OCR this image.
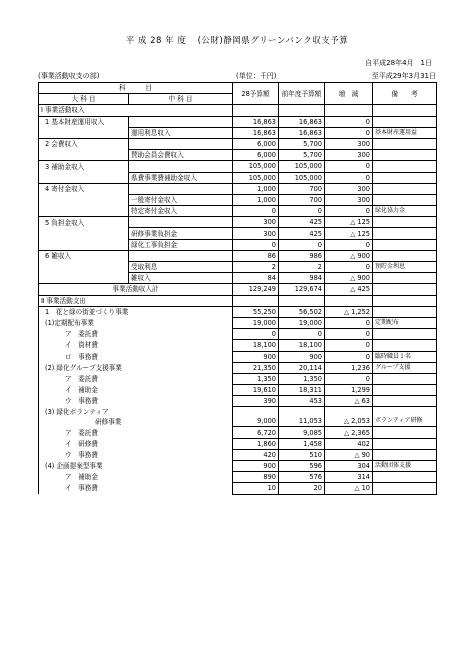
平 成 28 年 度 (公財)静岡県グリーンバンク収支予算
自平成28年4月　1日
(事業活動収支の部)	(単位：千円)	至平成29年3月31日
科　　　目		28予算額	前年度予算額	増　減	備　　考
大 科 目	中 科 目				
Ⅰ 事業活動収入					
1 基本財産運用収入		16,863	16,863	0	
	運用利息収入	16,863	16,863	0	基本財産運用益
2 会費収入		6,000	5,700	300	
	賛助会員会費収入	6,000	5,700	300	
3 補助金収入		105,000	105,000	0	
	県費事業費補助金収入	105,000	105,000	0	
4 寄付金収入		1,000	700	300	
	一般寄付金収入	1,000	700	300	
	特定寄付金収入	0	0	0	緑化協力金
5 負担金収入		300	425	△ 125	
	研修事業負担金	300	425	△ 125	
	緑化工事負担金	0	0	0	
6 雑収入		86	986	△ 900	
	受取利息	2	2	0	預貯金利息
	雑収入	84	984	△ 900	
事業活動収入計		129,249	129,674	△ 425	
Ⅱ 事業活動支出					
1　花と緑の街並づくり事業		55,250	56,502	△ 1,252	
(1)定期配布事業		19,000	19,000	0	定期配布
ア　委託費		0	0	0	
イ　資材費		18,100	18,100	0	
ロ　事務費		900	900	0	臨時職員１名
(2) 緑化グループ支援事業		21,350	20,114	1,236	グループ支援
ア　委託費		1,350	1,350	0	
イ　補助金		19,610	18,311	1,299	
ウ　事務費		390	453	△ 63	

(3) 緑化ボランティア
研修事業		9,000	11,053	△ 2,053	ボランティア研修
ア　委託費		6,720	9,085	△ 2,365	
イ　研修費		1,860	1,458	402	
ウ　事務費		420	510	△ 90	
(4) 企画提案型事業		900	596	304	活動団体支援
ア　補助金		890	576	314	
イ　事務費		10	20	△ 10	
